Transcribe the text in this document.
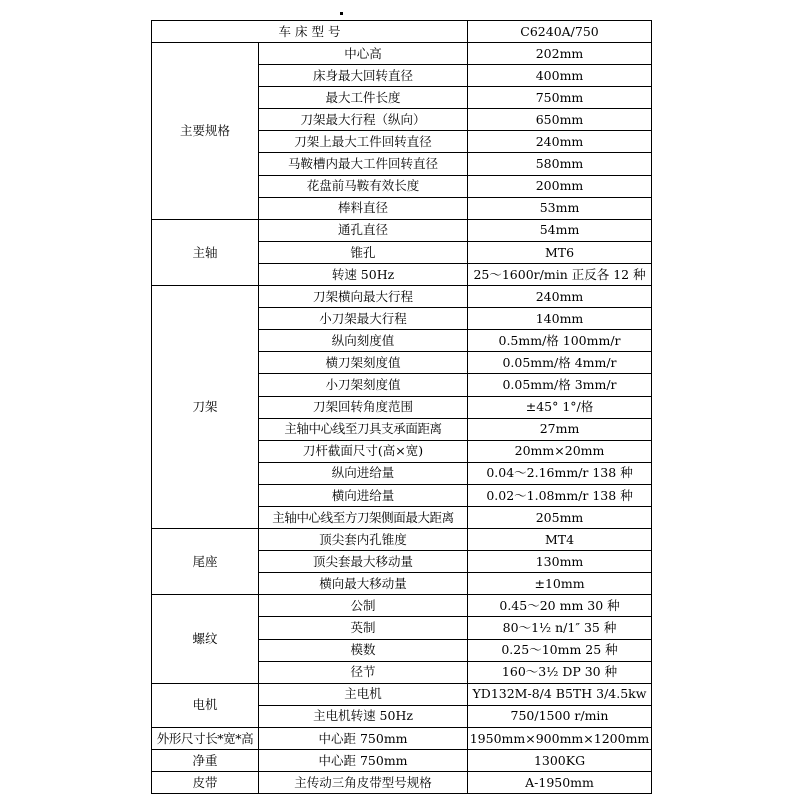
车 床 型 号		C6240A/750
主要规格	中心高	202mm
	床身最大回转直径	400mm
	最大工件长度	750mm
	刀架最大行程（纵向）	650mm
	刀架上最大工件回转直径	240mm
	马鞍槽内最大工件回转直径	580mm
	花盘前马鞍有效长度	200mm
	棒料直径	53mm
主轴	通孔直径	54mm
	锥孔	MT6
	转速 50Hz	25～1600r/min 正反各 12 种
刀架	刀架横向最大行程	240mm
	小刀架最大行程	140mm
	纵向刻度值	0.5mm/格 100mm/r
	横刀架刻度值	0.05mm/格 4mm/r
	小刀架刻度值	0.05mm/格 3mm/r
	刀架回转角度范围	±45° 1°/格
	主轴中心线至刀具支承面距离	27mm
	刀杆截面尺寸(高×宽)	20mm×20mm
	纵向进给量	0.04～2.16mm/r 138 种
	横向进给量	0.02～1.08mm/r 138 种
	主轴中心线至方刀架侧面最大距离	205mm
尾座	顶尖套内孔锥度	MT4
	顶尖套最大移动量	130mm
	横向最大移动量	±10mm
螺纹	公制	0.45～20 mm 30 种
	英制	80～1½ n/1″ 35 种
	模数	0.25～10mm 25 种
	径节	160～3½ DP 30 种
电机	主电机	YD132M-8/4 B5TH 3/4.5kw
	主电机转速 50Hz	750/1500 r/min
外形尺寸长*宽*高	中心距 750mm	1950mm×900mm×1200mm
净重	中心距 750mm	1300KG
皮带	主传动三角皮带型号规格	A-1950mm
